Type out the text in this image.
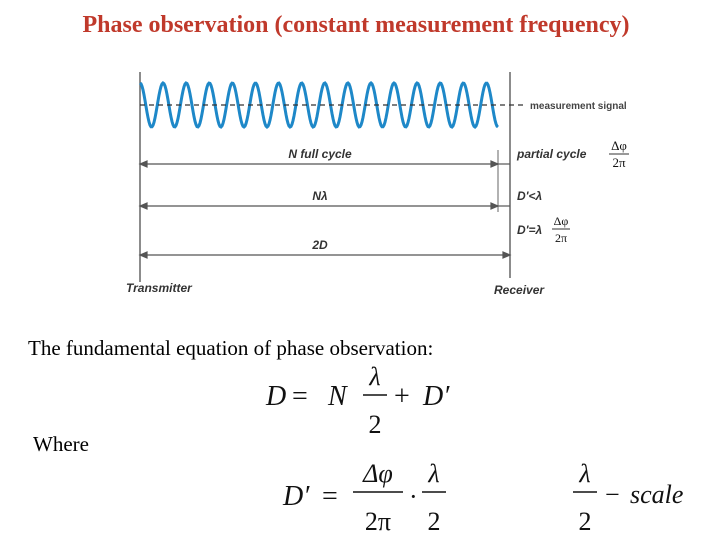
Phase observation (constant measurement frequency)
measurement signal
N full cycle	partial cycle
Nλ	D'<λ
D'=λ
2D
Transmitter	Receiver
Δφ
2π
Δφ
2π
D = N
λ
2
+ D′
D′ =
Δφ
2π
·
λ
2
λ
2
− scale
The fundamental equation of phase observation:
Where
